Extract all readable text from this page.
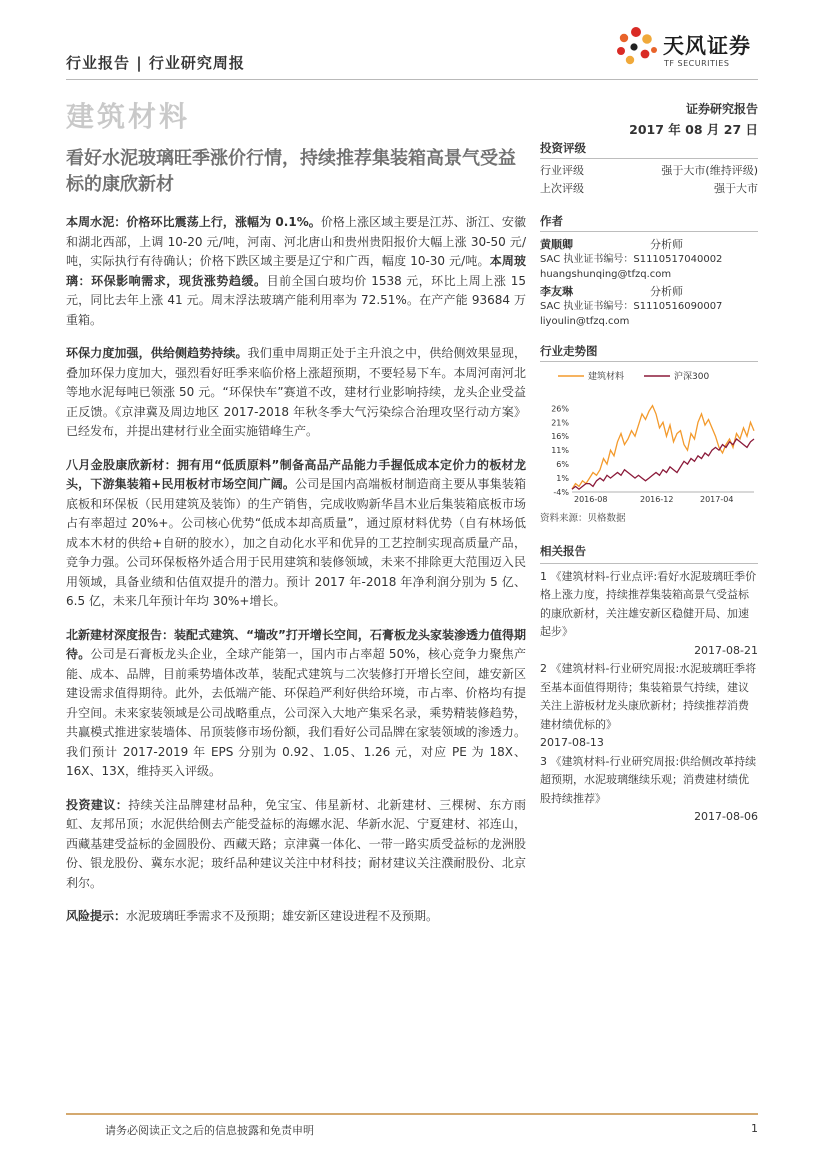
行业报告 | 行业研究周报
建筑材料
天风证券
TF SECURITIES
证券研究报告
2017 年 08 月 27 日
看好水泥玻璃旺季涨价行情，持续推荐集装箱高景气受益标的康欣新材

本周水泥：价格环比震荡上行，涨幅为 0.1%。价格上涨区域主要是江苏、浙江、安徽和湖北西部，上调 10-20 元/吨，河南、河北唐山和贵州贵阳报价大幅上涨 30-50 元/吨，实际执行有待确认；价格下跌区域主要是辽宁和广西，幅度 10-30 元/吨。本周玻璃：环保影响需求，现货涨势趋缓。目前全国白玻均价 1538 元，环比上周上涨 15 元，同比去年上涨 41 元。周末浮法玻璃产能利用率为 72.51%。在产产能 93684 万重箱。

环保力度加强，供给侧趋势持续。我们重申周期正处于主升浪之中，供给侧效果显现，叠加环保力度加大，强烈看好旺季来临价格上涨超预期，不要轻易下车。本周河南河北等地水泥每吨已领涨 50 元。“环保快车”赛道不改，建材行业影响持续，龙头企业受益正反馈。《京津冀及周边地区 2017-2018 年秋冬季大气污染综合治理攻坚行动方案》已经发布，并提出建材行业全面实施错峰生产。

八月金股康欣新材：拥有用“低质原料”制备高品产品能力手握低成本定价力的板材龙头，下游集装箱+民用板材市场空间广阔。公司是国内高端板材制造商主要从事集装箱底板和环保板（民用建筑及装饰）的生产销售，完成收购新华昌木业后集装箱底板市场占有率超过 20%+。公司核心优势“低成本却高质量”，通过原材料优势（自有林场低成本木材的供给+自研的胶水），加之自动化水平和优异的工艺控制实现高质量产品，竞争力强。公司环保板格外适合用于民用建筑和装修领域，未来不排除更大范围迈入民用领域，具备业绩和估值双提升的潜力。预计 2017 年-2018 年净利润分别为 5 亿、6.5 亿，未来几年预计年均 30%+增长。

北新建材深度报告：装配式建筑、“墙改”打开增长空间，石膏板龙头家装渗透力值得期待。公司是石膏板龙头企业，全球产能第一，国内市占率超 50%，核心竞争力聚焦产能、成本、品牌，目前乘势墙体改革，装配式建筑与二次装修打开增长空间，雄安新区建设需求值得期待。此外，去低端产能、环保趋严利好供给环境，市占率、价格均有提升空间。未来家装领域是公司战略重点，公司深入大地产集采名录，乘势精装修趋势，共赢模式推进家装墙体、吊顶装修市场份额，我们看好公司品牌在家装领域的渗透力。我们预计 2017-2019 年 EPS 分别为 0.92、1.05、1.26 元，对应 PE 为 18X、16X、13X，维持买入评级。

投资建议：持续关注品牌建材品种，免宝宝、伟星新材、北新建材、三棵树、东方雨虹、友邦吊顶；水泥供给侧去产能受益标的海螺水泥、华新水泥、宁夏建材、祁连山，西藏基建受益标的金圆股份、西藏天路；京津冀一体化、一带一路实质受益标的龙洲股份、银龙股份、冀东水泥；玻纤品种建议关注中材科技；耐材建议关注濮耐股份、北京利尔。

风险提示：水泥玻璃旺季需求不及预期；雄安新区建设进程不及预期。

投资评级
行业评级	强于大市(维持评级)
上次评级	强于大市
作者
黄顺卿	分析师
SAC 执业证书编号：S1110517040002
huangshunqing@tfzq.com
李友琳	分析师
SAC 执业证书编号：S1110516090007
liyoulin@tfzq.com
行业走势图
建筑材料	沪深300
-4%
1%
6%
11%
16%
21%
26%
2016-08	2016-12	2017-04
资料来源：贝格数据
相关报告

1 《建筑材料-行业点评:看好水泥玻璃旺季价格上涨力度，持续推荐集装箱高景气受益标的康欣新材，关注雄安新区稳健开局、加速起步》

2017-08-21

2 《建筑材料-行业研究周报:水泥玻璃旺季将至基本面值得期待；集装箱景气持续，建议关注上游板材龙头康欣新材；持续推荐消费建材绩优标的》

2017-08-13

3 《建筑材料-行业研究周报:供给侧改革持续超预期，水泥玻璃继续乐观；消费建材绩优股持续推荐》

2017-08-06

请务必阅读正文之后的信息披露和免责申明	1
